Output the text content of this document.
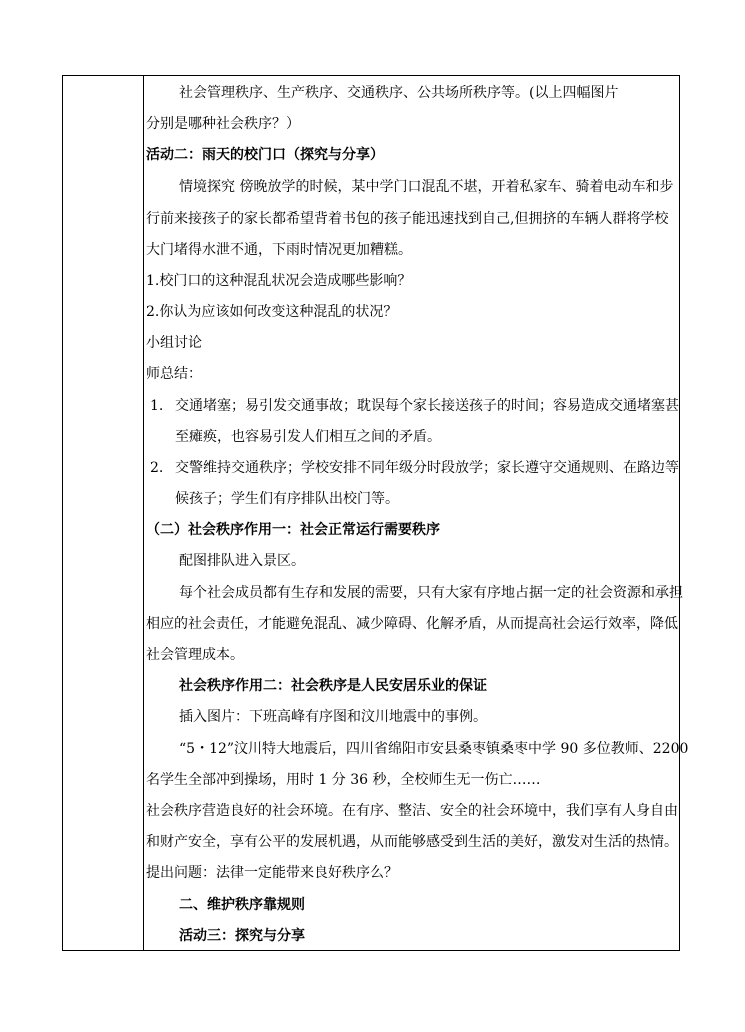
社会管理秩序、生产秩序、交通秩序、公共场所秩序等。(以上四幅图片
分别是哪种社会秩序？）
活动二：雨天的校门口（探究与分享）
情境探究 傍晚放学的时候，某中学门口混乱不堪，开着私家车、骑着电动车和步
行前来接孩子的家长都希望背着书包的孩子能迅速找到自己,但拥挤的车辆人群将学校
大门堵得水泄不通，下雨时情况更加糟糕。
1.校门口的这种混乱状况会造成哪些影响？
2.你认为应该如何改变这种混乱的状况？
小组讨论
师总结：
1. 交通堵塞；易引发交通事故；耽误每个家长接送孩子的时间；容易造成交通堵塞甚
至瘫痪，也容易引发人们相互之间的矛盾。
2. 交警维持交通秩序；学校安排不同年级分时段放学；家长遵守交通规则、在路边等
候孩子；学生们有序排队出校门等。
（二）社会秩序作用一：社会正常运行需要秩序
配图排队进入景区。
每个社会成员都有生存和发展的需要，只有大家有序地占据一定的社会资源和承担
相应的社会责任，才能避免混乱、减少障碍、化解矛盾，从而提高社会运行效率，降低
社会管理成本。
社会秩序作用二：社会秩序是人民安居乐业的保证
插入图片：下班高峰有序图和汶川地震中的事例。
“5・12”汶川特大地震后，四川省绵阳市安县桑枣镇桑枣中学 90 多位教师、2200
名学生全部冲到操场，用时 1 分 36 秒，全校师生无一伤亡……
社会秩序营造良好的社会环境。在有序、整洁、安全的社会环境中，我们享有人身自由
和财产安全，享有公平的发展机遇，从而能够感受到生活的美好，激发对生活的热情。
提出问题：法律一定能带来良好秩序么？
二、维护秩序靠规则
活动三：探究与分享
